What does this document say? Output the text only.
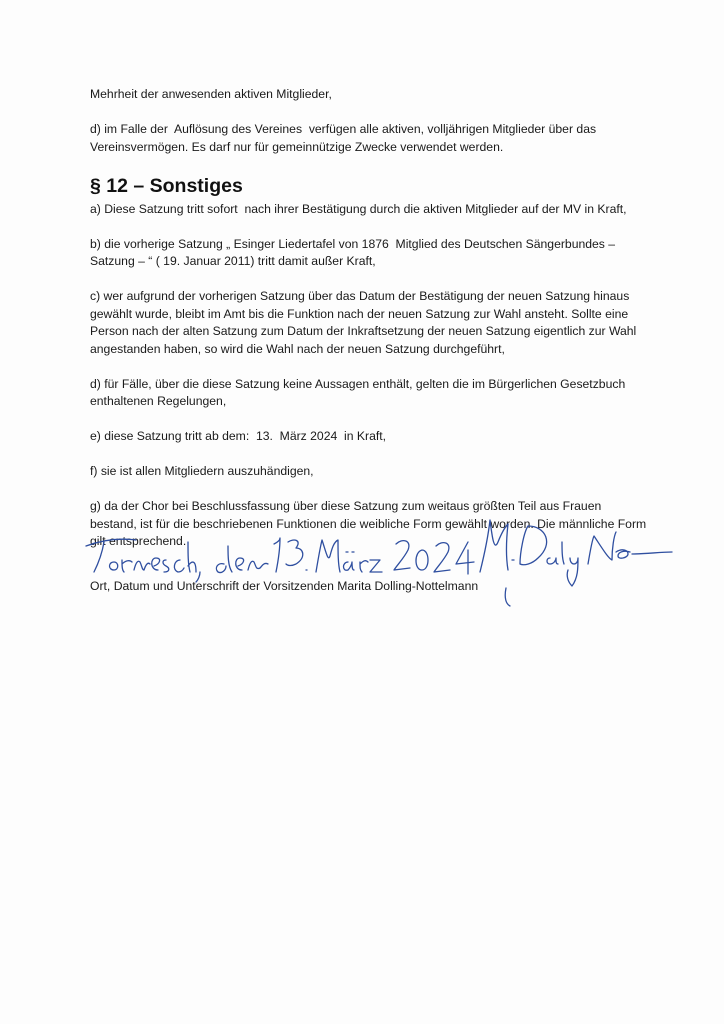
Mehrheit der anwesenden aktiven Mitglieder,

d) im Falle der  Auflösung des Vereines  verfügen alle aktiven, volljährigen Mitglieder über das Vereinsvermögen. Es darf nur für gemeinnützige Zwecke verwendet werden.

§ 12 – Sonstiges

a) Diese Satzung tritt sofort  nach ihrer Bestätigung durch die aktiven Mitglieder auf der MV in Kraft,

b) die vorherige Satzung „ Esinger Liedertafel von 1876  Mitglied des Deutschen Sängerbundes – Satzung – “ ( 19. Januar 2011) tritt damit außer Kraft,

c) wer aufgrund der vorherigen Satzung über das Datum der Bestätigung der neuen Satzung hinaus gewählt wurde, bleibt im Amt bis die Funktion nach der neuen Satzung zur Wahl ansteht. Sollte eine Person nach der alten Satzung zum Datum der Inkraftsetzung der neuen Satzung eigentlich zur Wahl angestanden haben, so wird die Wahl nach der neuen Satzung durchgeführt,

d) für Fälle, über die diese Satzung keine Aussagen enthält, gelten die im Bürgerlichen Gesetzbuch enthaltenen Regelungen,

e) diese Satzung tritt ab dem:  13.  März 2024  in Kraft,

f) sie ist allen Mitgliedern auszuhändigen,

g) da der Chor bei Beschlussfassung über diese Satzung zum weitaus größten Teil aus Frauen bestand, ist für die beschriebenen Funktionen die weibliche Form gewählt worden. Die männliche Form gilt entsprechend.

Ort, Datum und Unterschrift der Vorsitzenden Marita Dolling-Nottelmann
